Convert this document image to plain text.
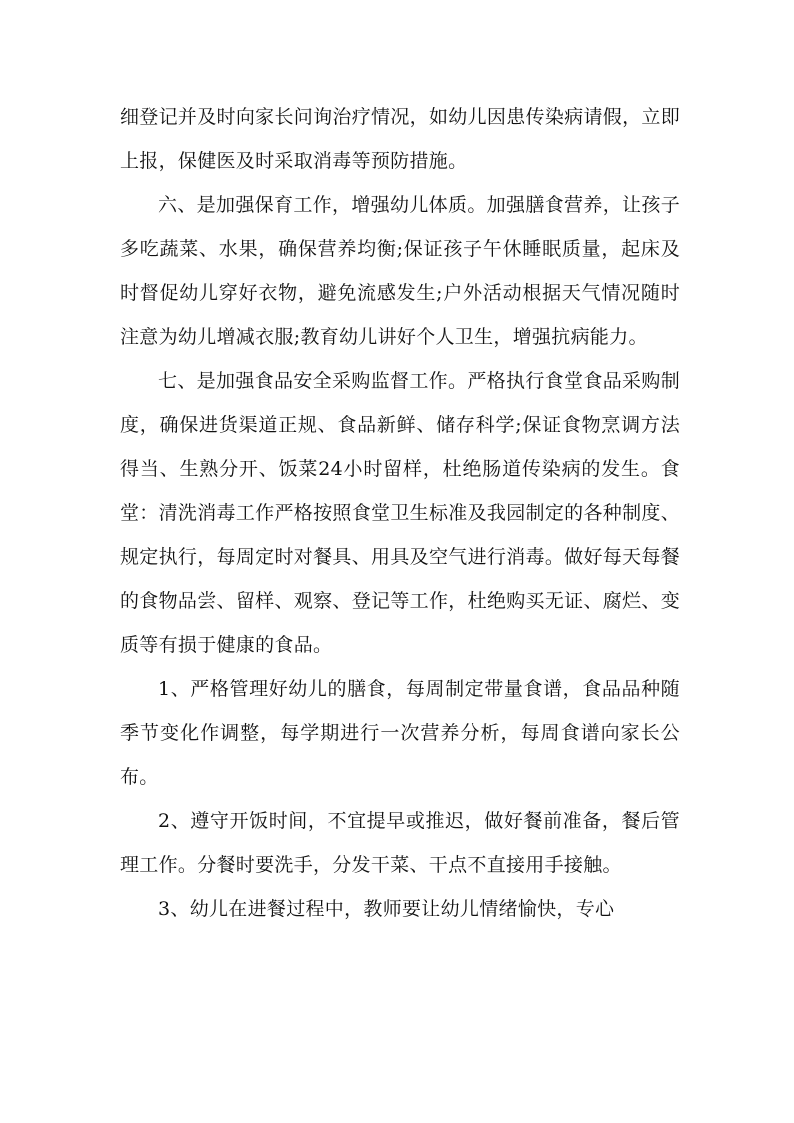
细登记并及时向家长问询治疗情况，如幼儿因患传染病请假，立即上报，保健医及时采取消毒等预防措施。

六、是加强保育工作，增强幼儿体质。加强膳食营养，让孩子多吃蔬菜、水果，确保营养均衡;保证孩子午休睡眠质量，起床及时督促幼儿穿好衣物，避免流感发生;户外活动根据天气情况随时注意为幼儿增减衣服;教育幼儿讲好个人卫生，增强抗病能力。

七、是加强食品安全采购监督工作。严格执行食堂食品采购制度，确保进货渠道正规、食品新鲜、储存科学;保证食物烹调方法得当、生熟分开、饭菜24小时留样，杜绝肠道传染病的发生。食堂：清洗消毒工作严格按照食堂卫生标准及我园制定的各种制度、规定执行，每周定时对餐具、用具及空气进行消毒。做好每天每餐的食物品尝、留样、观察、登记等工作，杜绝购买无证、腐烂、变质等有损于健康的食品。

1、严格管理好幼儿的膳食，每周制定带量食谱，食品品种随季节变化作调整，每学期进行一次营养分析，每周食谱向家长公布。

2、遵守开饭时间，不宜提早或推迟，做好餐前准备，餐后管理工作。分餐时要洗手，分发干菜、干点不直接用手接触。

3、幼儿在进餐过程中，教师要让幼儿情绪愉快，专心
